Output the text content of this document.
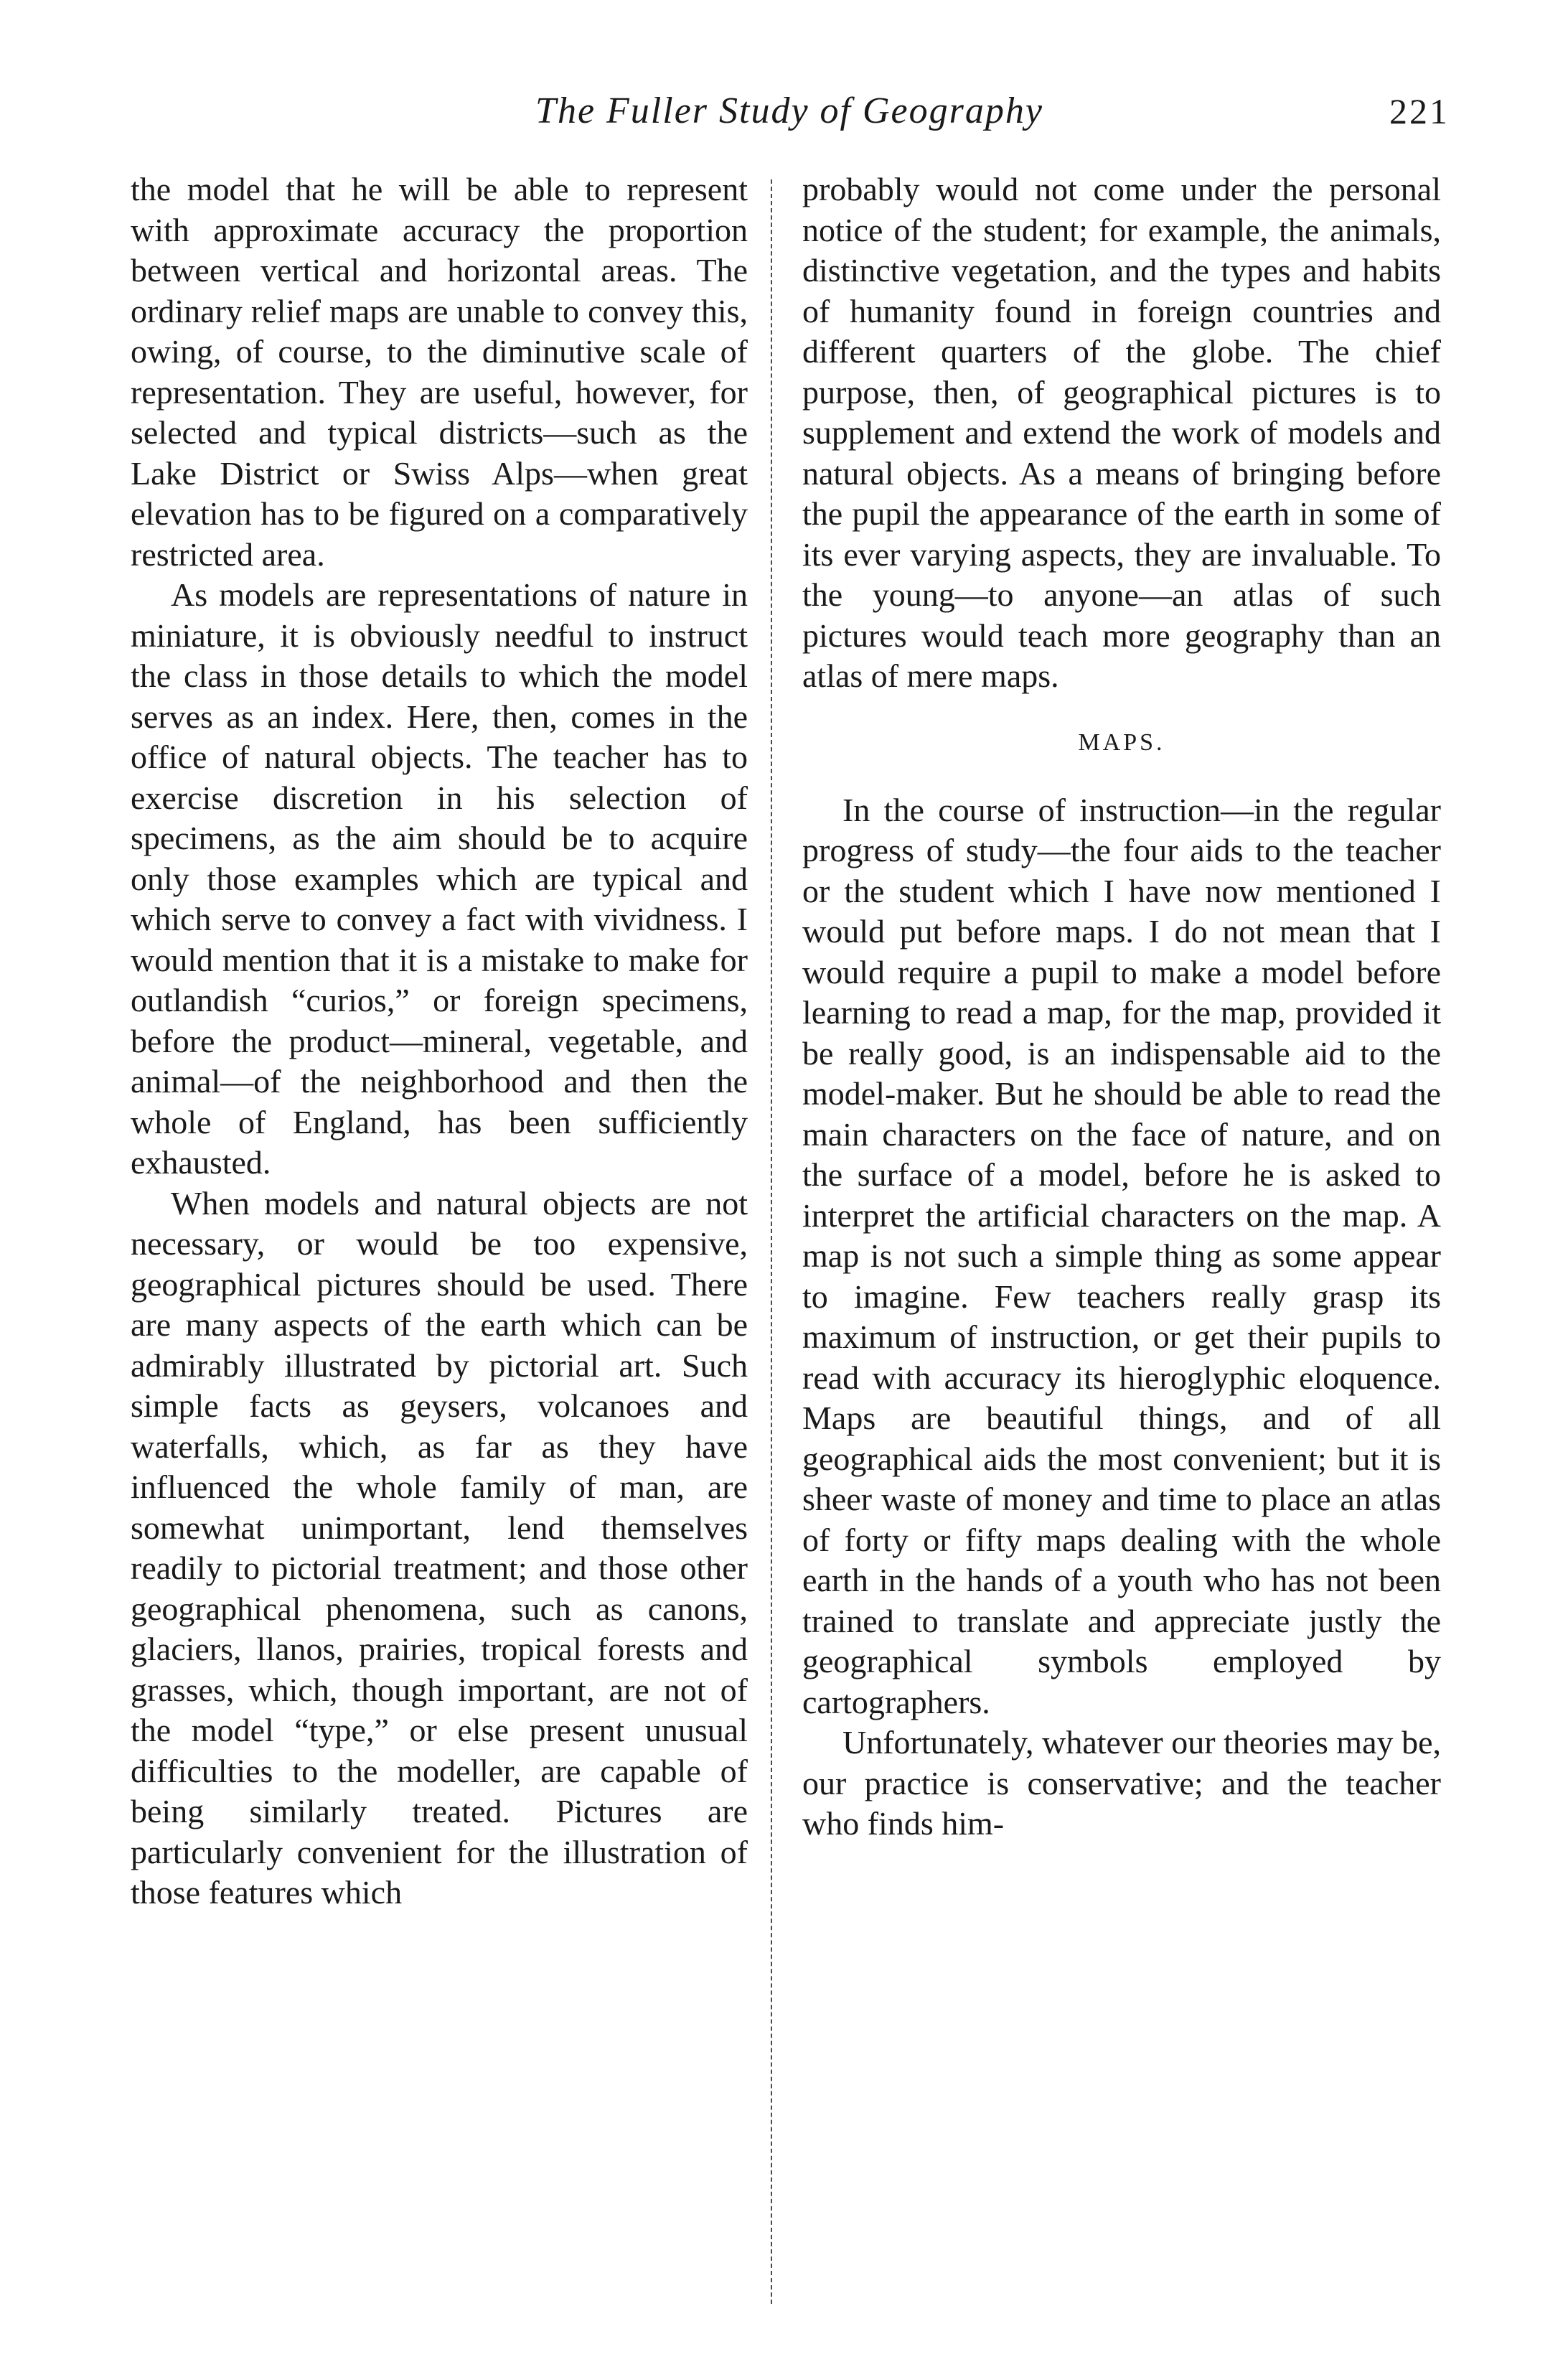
The Fuller Study of Geography	221

the model that he will be able to represent with approximate accuracy the proportion between vertical and horizontal areas. The ordinary relief maps are unable to convey this, owing, of course, to the diminutive scale of representation. They are useful, however, for selected and typical districts—such as the Lake District or Swiss Alps—when great elevation has to be figured on a comparatively restricted area.

As models are representations of nature in miniature, it is obviously needful to instruct the class in those details to which the model serves as an index. Here, then, comes in the office of natural objects. The teacher has to exercise discretion in his selection of specimens, as the aim should be to acquire only those examples which are typical and which serve to convey a fact with vividness. I would mention that it is a mistake to make for outlandish “curios,” or foreign specimens, before the product—mineral, vegetable, and animal—of the neighborhood and then the whole of England, has been sufficiently exhausted.

When models and natural objects are not necessary, or would be too expensive, geographical pictures should be used. There are many aspects of the earth which can be admirably illustrated by pictorial art. Such simple facts as geysers, volcanoes and waterfalls, which, as far as they have influenced the whole family of man, are somewhat unimportant, lend themselves readily to pictorial treatment; and those other geographical phenomena, such as canons, glaciers, llanos, prairies, tropical forests and grasses, which, though important, are not of the model “type,” or else present unusual difficulties to the modeller, are capable of being similarly treated. Pictures are particularly convenient for the illustration of those features which

probably would not come under the personal notice of the student; for example, the animals, distinctive vegetation, and the types and habits of humanity found in foreign countries and different quarters of the globe. The chief purpose, then, of geographical pictures is to supplement and extend the work of models and natural objects. As a means of bringing before the pupil the appearance of the earth in some of its ever varying aspects, they are invaluable. To the young—to anyone—an atlas of such pictures would teach more geography than an atlas of mere maps.

MAPS.

In the course of instruction—in the regular progress of study—the four aids to the teacher or the student which I have now mentioned I would put before maps. I do not mean that I would require a pupil to make a model before learning to read a map, for the map, provided it be really good, is an indispensable aid to the model-maker. But he should be able to read the main characters on the face of nature, and on the surface of a model, before he is asked to interpret the artificial characters on the map. A map is not such a simple thing as some appear to imagine. Few teachers really grasp its maximum of instruction, or get their pupils to read with accuracy its hieroglyphic eloquence. Maps are beautiful things, and of all geographical aids the most convenient; but it is sheer waste of money and time to place an atlas of forty or fifty maps dealing with the whole earth in the hands of a youth who has not been trained to translate and appreciate justly the geographical symbols employed by cartographers.

Unfortunately, whatever our theories may be, our practice is conservative; and the teacher who finds him-
